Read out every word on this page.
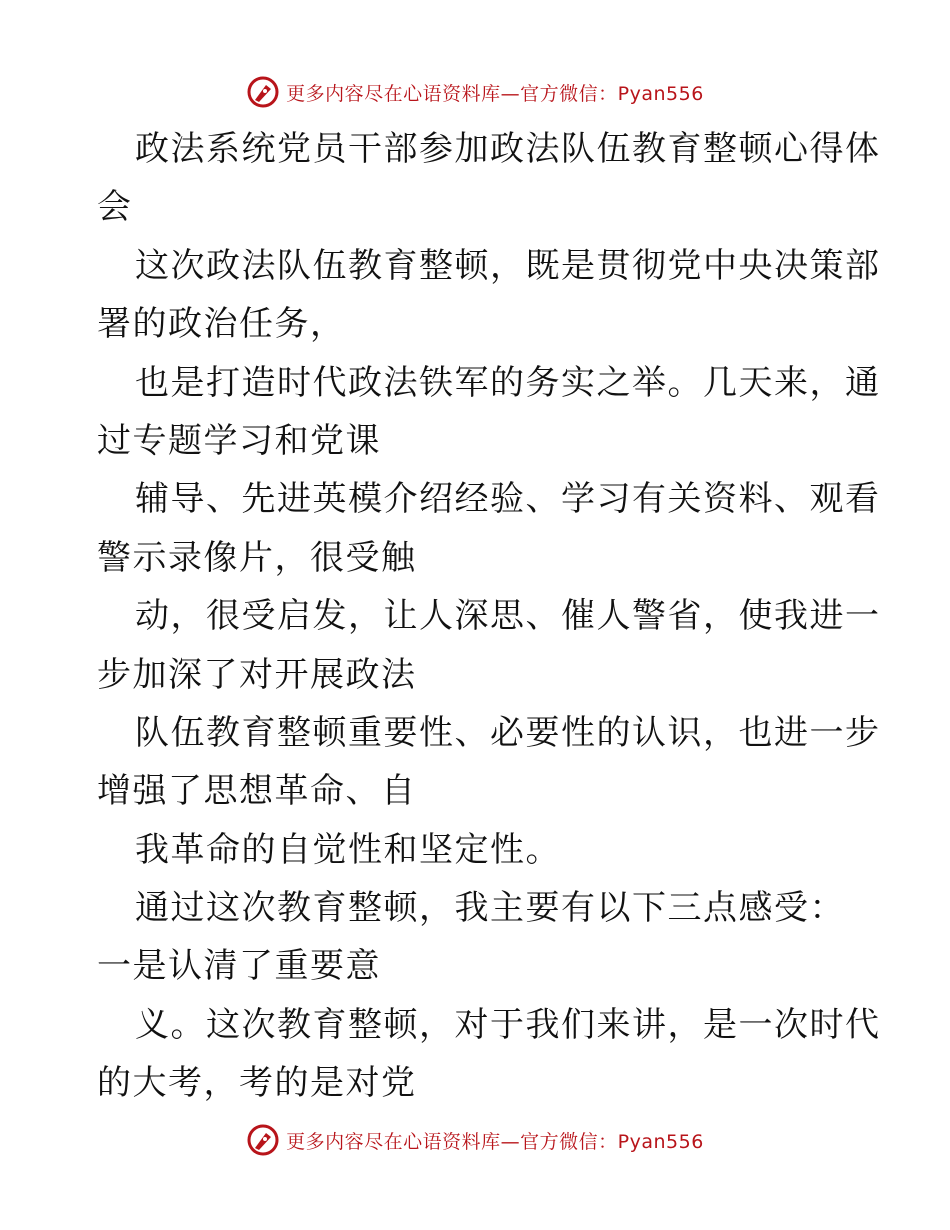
更多内容尽在心语资料库—官方微信：Pyan556
政法系统党员干部参加政法队伍教育整顿心得体
会
这次政法队伍教育整顿，既是贯彻党中央决策部
署的政治任务，
也是打造时代政法铁军的务实之举。几天来，通
过专题学习和党课
辅导、先进英模介绍经验、学习有关资料、观看
警示录像片，很受触
动，很受启发，让人深思、催人警省，使我进一
步加深了对开展政法
队伍教育整顿重要性、必要性的认识，也进一步
增强了思想革命、自
我革命的自觉性和坚定性。
通过这次教育整顿，我主要有以下三点感受：
一是认清了重要意
义。这次教育整顿，对于我们来讲，是一次时代
的大考，考的是对党
更多内容尽在心语资料库—官方微信：Pyan556
